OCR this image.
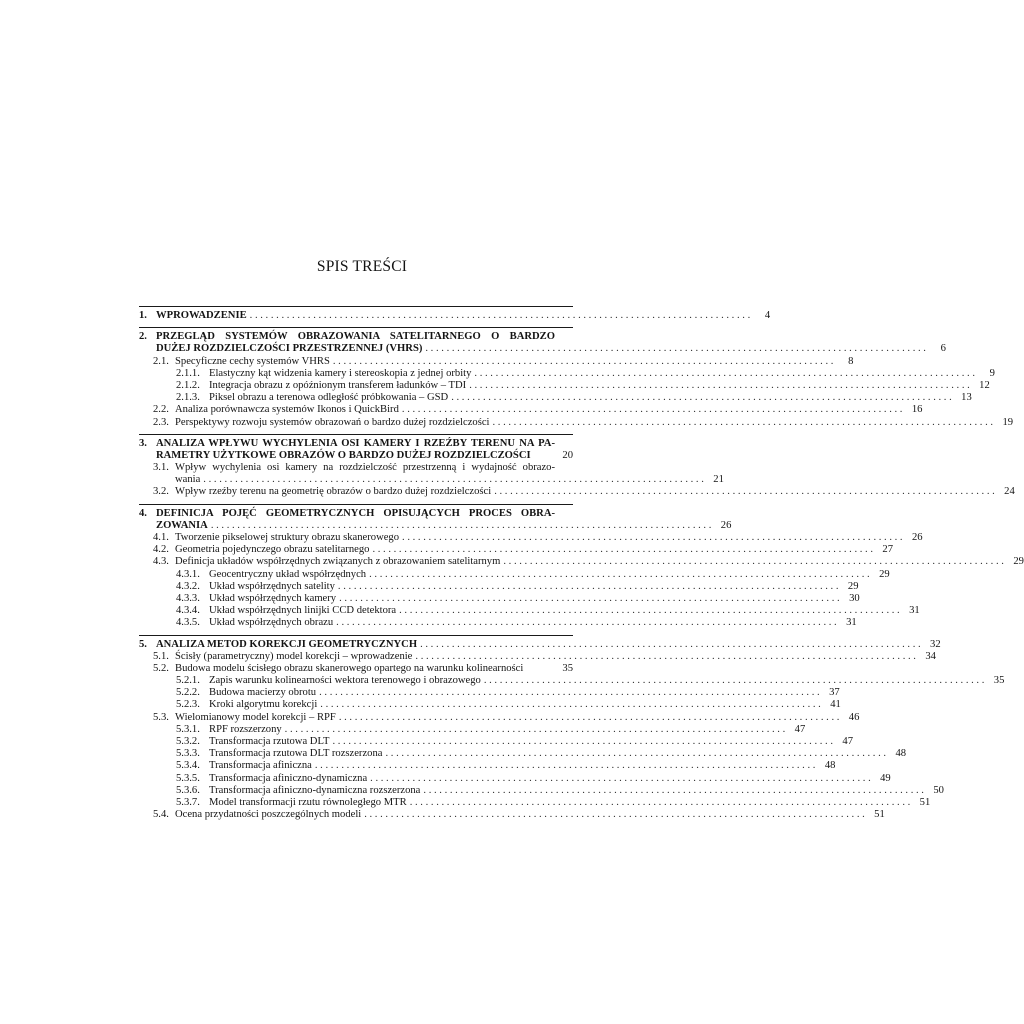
SPIS TREŚCI
1. WPROWADZENIE . . .	4
2. PRZEGLĄD SYSTEMÓW OBRAZOWANIA SATELITARNEGO O BARDZO
DUŻEJ ROZDZIELCZOŚCI PRZESTRZENNEJ (VHRS) . . .	6
2.1. Specyficzne cechy systemów VHRS . . .	8
2.1.1. Elastyczny kąt widzenia kamery i stereoskopia z jednej orbity . . .	9
2.1.2. Integracja obrazu z opóźnionym transferem ładunków – TDI . . .	12
2.1.3. Piksel obrazu a terenowa odległość próbkowania – GSD . . .	13
2.2. Analiza porównawcza systemów Ikonos i QuickBird . . .	16
2.3. Perspektywy rozwoju systemów obrazowań o bardzo dużej rozdzielczości . . .	19
3. ANALIZA WPŁYWU WYCHYLENIA OSI KAMERY I RZEŹBY TERENU NA PA-
RAMETRY UŻYTKOWE OBRAZÓW O BARDZO DUŻEJ ROZDZIELCZOŚCI	20
3.1. Wpływ wychylenia osi kamery na rozdzielczość przestrzenną i wydajność obrazo-
wania . . .	21
3.2. Wpływ rzeźby terenu na geometrię obrazów o bardzo dużej rozdzielczości . . .	24
4. DEFINICJA POJĘĆ GEOMETRYCZNYCH OPISUJĄCYCH PROCES OBRA-
ZOWANIA . . .	26
4.1. Tworzenie pikselowej struktury obrazu skanerowego . . .	26
4.2. Geometria pojedynczego obrazu satelitarnego . . .	27
4.3. Definicja układów współrzędnych związanych z obrazowaniem satelitarnym . . .	29
4.3.1. Geocentryczny układ współrzędnych . . .	29
4.3.2. Układ współrzędnych satelity . . .	29
4.3.3. Układ współrzędnych kamery . . .	30
4.3.4. Układ współrzędnych linijki CCD detektora . . .	31
4.3.5. Układ współrzędnych obrazu . . .	31
5. ANALIZA METOD KOREKCJI GEOMETRYCZNYCH . . .	32
5.1. Ścisły (parametryczny) model korekcji – wprowadzenie . . .	34
5.2. Budowa modelu ścisłego obrazu skanerowego opartego na warunku kolinearności	35
5.2.1. Zapis warunku kolinearności wektora terenowego i obrazowego . . .	35
5.2.2. Budowa macierzy obrotu . . .	37
5.2.3. Kroki algorytmu korekcji . . .	41
5.3. Wielomianowy model korekcji – RPF . . .	46
5.3.1. RPF rozszerzony . . .	47
5.3.2. Transformacja rzutowa DLT . . .	47
5.3.3. Transformacja rzutowa DLT rozszerzona . . .	48
5.3.4. Transformacja afiniczna . . .	48
5.3.5. Transformacja afiniczno-dynamiczna . . .	49
5.3.6. Transformacja afiniczno-dynamiczna rozszerzona . . .	50
5.3.7. Model transformacji rzutu równoległego MTR . . .	51
5.4. Ocena przydatności poszczególnych modeli . . .	51
